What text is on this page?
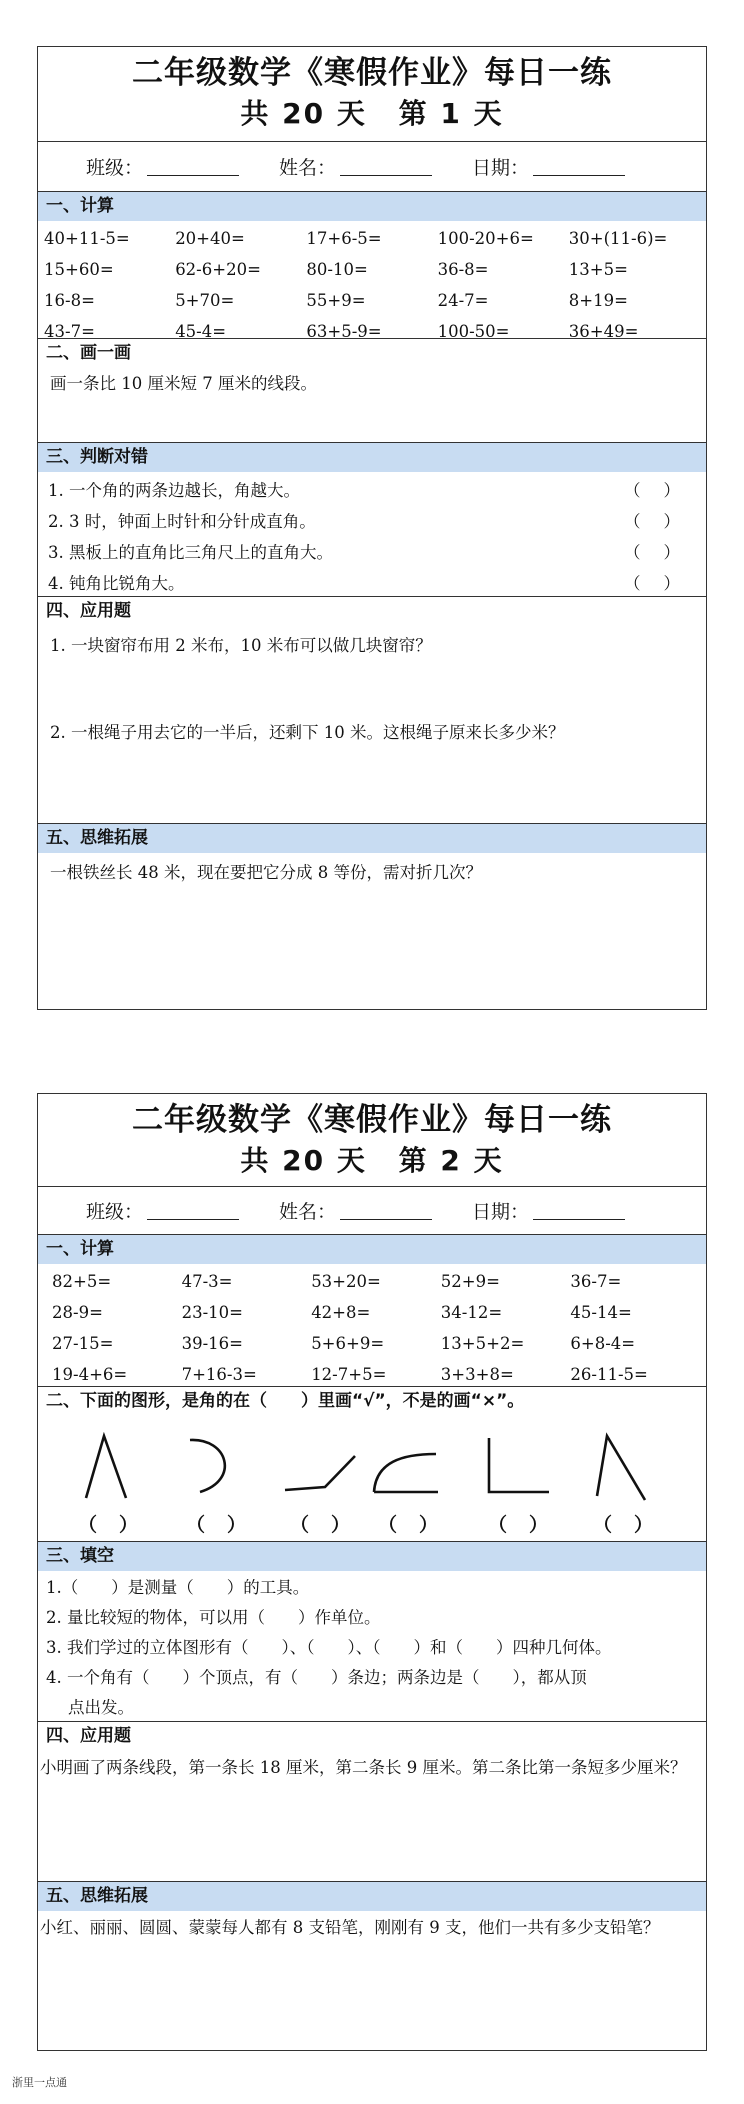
二年级数学《寒假作业》每日一练
共 20 天 第 1 天
班级：	姓名：	日期：
一、计算
40+11-5=	20+40=	17+6-5=	100-20+6=	30+(11-6)=
15+60=	62-6+20=	80-10=	36-8=	13+5=
16-8=	5+70=	55+9=	24-7=	8+19=
43-7=	45-4=	63+5-9=	100-50=	36+49=
二、画一画
画一条比 10 厘米短 7 厘米的线段。
三、判断对错
1. 一个角的两条边越长，角越大。	（ ）
2. 3 时，钟面上时针和分针成直角。	（ ）
3. 黑板上的直角比三角尺上的直角大。	（ ）
4. 钝角比锐角大。	（ ）
四、应用题
1. 一块窗帘布用 2 米布，10 米布可以做几块窗帘？
2. 一根绳子用去它的一半后，还剩下 10 米。这根绳子原来长多少米？
五、思维拓展
一根铁丝长 48 米，现在要把它分成 8 等份，需对折几次？
二年级数学《寒假作业》每日一练
共 20 天 第 2 天
班级：	姓名：	日期：
一、计算
82+5=	47-3=	53+20=	52+9=	36-7=
28-9=	23-10=	42+8=	34-12=	45-14=
27-15=	39-16=	5+6+9=	13+5+2=	6+8-4=
19-4+6=	7+16-3=	12-7+5=	3+3+8=	26-11-5=
二、下面的图形，是角的在（　　）里画“√”，不是的画“×”。
（ ）	（ ） （ ） （ ）	（ ） （ ）
三、填空
1.（　　）是测量（　　）的工具。
2. 量比较短的物体，可以用（　　）作单位。
3. 我们学过的立体图形有（　　）、（　　）、（　　）和（　　）四种几何体。
4. 一个角有（　　）个顶点，有（　　）条边；两条边是（　　），都从顶
点出发。
四、应用题
小明画了两条线段，第一条长 18 厘米，第二条长 9 厘米。第二条比第一条短多少厘米？
五、思维拓展
小红、丽丽、圆圆、蒙蒙每人都有 8 支铅笔，刚刚有 9 支，他们一共有多少支铅笔？
浙里一点通
